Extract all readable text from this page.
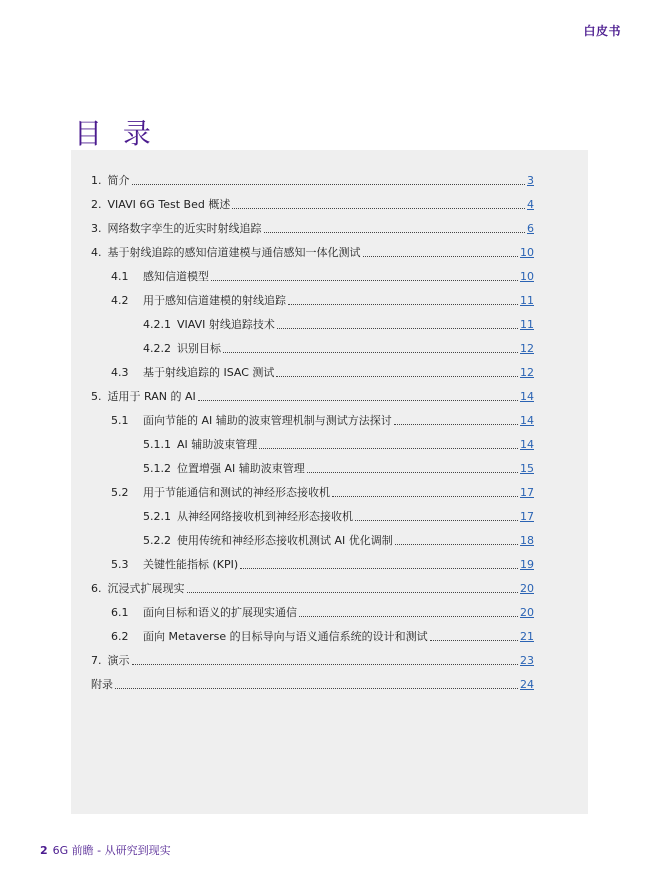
白皮书
目 录
1. 简介	3
2. VIAVI 6G Test Bed 概述	4
3. 网络数字孪生的近实时射线追踪	6
4. 基于射线追踪的感知信道建模与通信感知一体化测试	10
4.1	感知信道模型	10
4.2	用于感知信道建模的射线追踪	11
4.2.1 VIAVI 射线追踪技术	11
4.2.2 识别目标	12
4.3	基于射线追踪的 ISAC 测试	12
5. 适用于 RAN 的 AI	14
5.1	面向节能的 AI 辅助的波束管理机制与测试方法探讨	14
5.1.1 AI 辅助波束管理	14
5.1.2 位置增强 AI 辅助波束管理	15
5.2	用于节能通信和测试的神经形态接收机	17
5.2.1 从神经网络接收机到神经形态接收机	17
5.2.2 使用传统和神经形态接收机测试 AI 优化调制	18
5.3	关键性能指标 (KPI)	19
6. 沉浸式扩展现实	20
6.1	面向目标和语义的扩展现实通信	20
6.2	面向 Metaverse 的目标导向与语义通信系统的设计和测试	21
7. 演示	23
附录	24
2 6G 前瞻 - 从研究到现实
